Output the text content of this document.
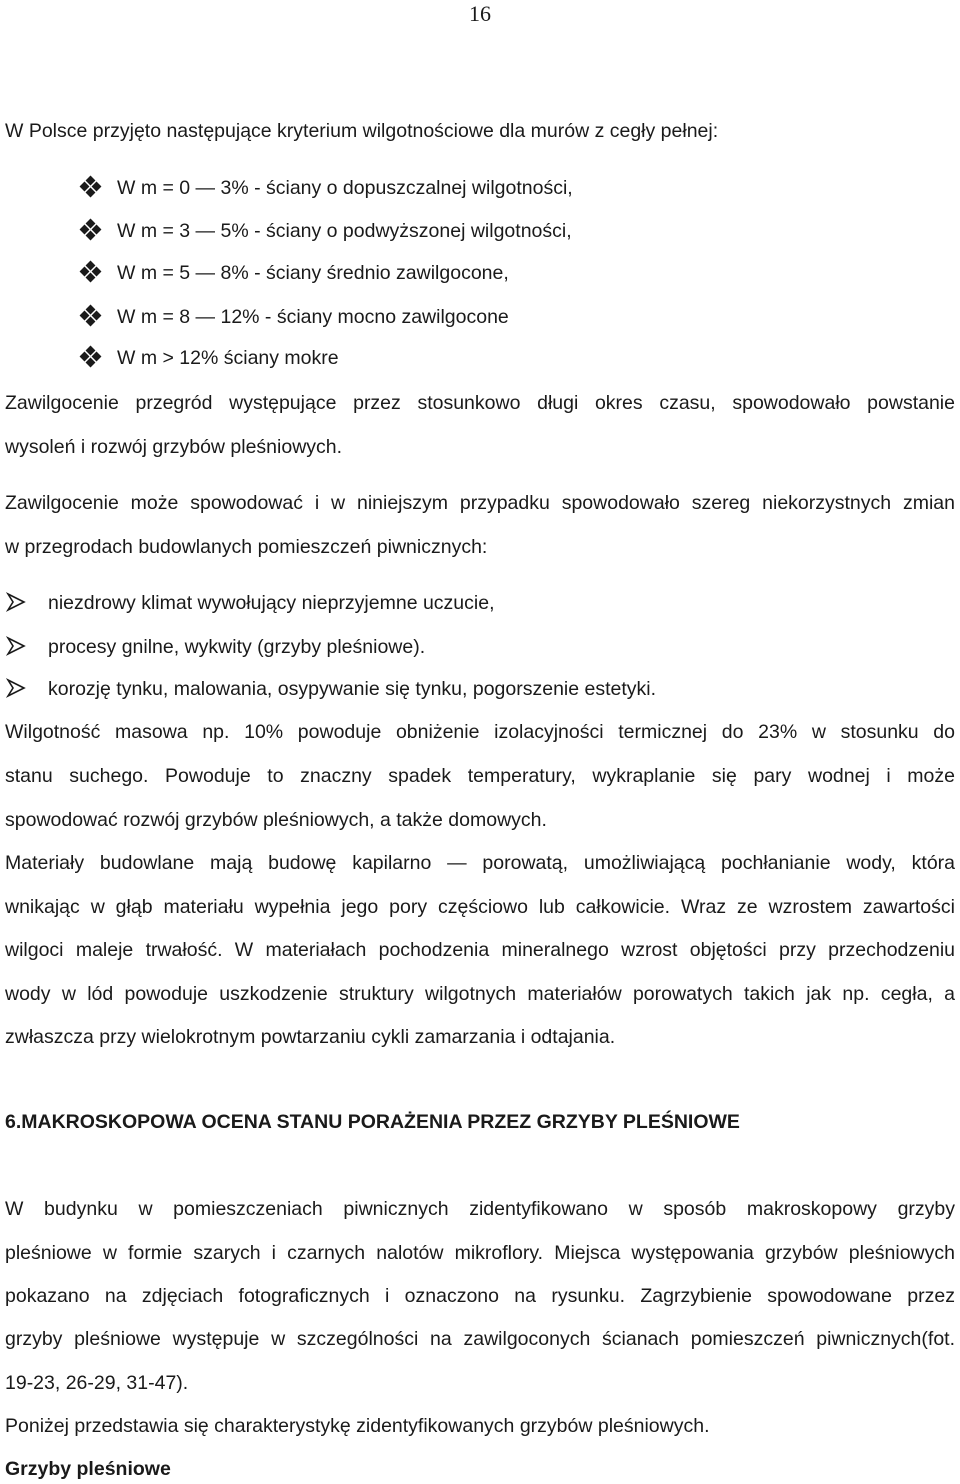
16
W Polsce przyjęto następujące kryterium wilgotnościowe dla murów z cegły pełnej:
W m = 0 — 3% - ściany o dopuszczalnej wilgotności,
W m = 3 — 5% - ściany o podwyższonej wilgotności,
W m = 5 — 8% - ściany średnio zawilgocone,
W m = 8 — 12% - ściany mocno zawilgocone
W m > 12% ściany mokre
Zawilgocenie przegród występujące przez stosunkowo długi okres czasu, spowodowało powstanie
wysoleń i rozwój grzybów pleśniowych.
Zawilgocenie może spowodować i w niniejszym przypadku spowodowało szereg niekorzystnych zmian
w przegrodach budowlanych pomieszczeń piwnicznych:
niezdrowy klimat wywołujący nieprzyjemne uczucie,
procesy gnilne, wykwity (grzyby pleśniowe).
korozję tynku, malowania, osypywanie się tynku, pogorszenie estetyki.
Wilgotność masowa np. 10% powoduje obniżenie izolacyjności termicznej do 23% w stosunku do
stanu suchego. Powoduje to znaczny spadek temperatury, wykraplanie się pary wodnej i może
spowodować rozwój grzybów pleśniowych, a także domowych.
Materiały budowlane mają budowę kapilarno — porowatą, umożliwiającą pochłanianie wody, która
wnikając w głąb materiału wypełnia jego pory częściowo lub całkowicie. Wraz ze wzrostem zawartości
wilgoci maleje trwałość. W materiałach pochodzenia mineralnego wzrost objętości przy przechodzeniu
wody w lód powoduje uszkodzenie struktury wilgotnych materiałów porowatych takich jak np. cegła, a
zwłaszcza przy wielokrotnym powtarzaniu cykli zamarzania i odtajania.
6.MAKROSKOPOWA OCENA STANU PORAŻENIA PRZEZ GRZYBY PLEŚNIOWE
W budynku w pomieszczeniach piwnicznych zidentyfikowano w sposób makroskopowy grzyby
pleśniowe w formie szarych i czarnych nalotów mikroflory. Miejsca występowania grzybów pleśniowych
pokazano na zdjęciach fotograficznych i oznaczono na rysunku. Zagrzybienie spowodowane przez
grzyby pleśniowe występuje w szczególności na zawilgoconych ścianach pomieszczeń piwnicznych(fot.
19-23, 26-29, 31-47).
Poniżej przedstawia się charakterystykę zidentyfikowanych grzybów pleśniowych.
Grzyby pleśniowe
